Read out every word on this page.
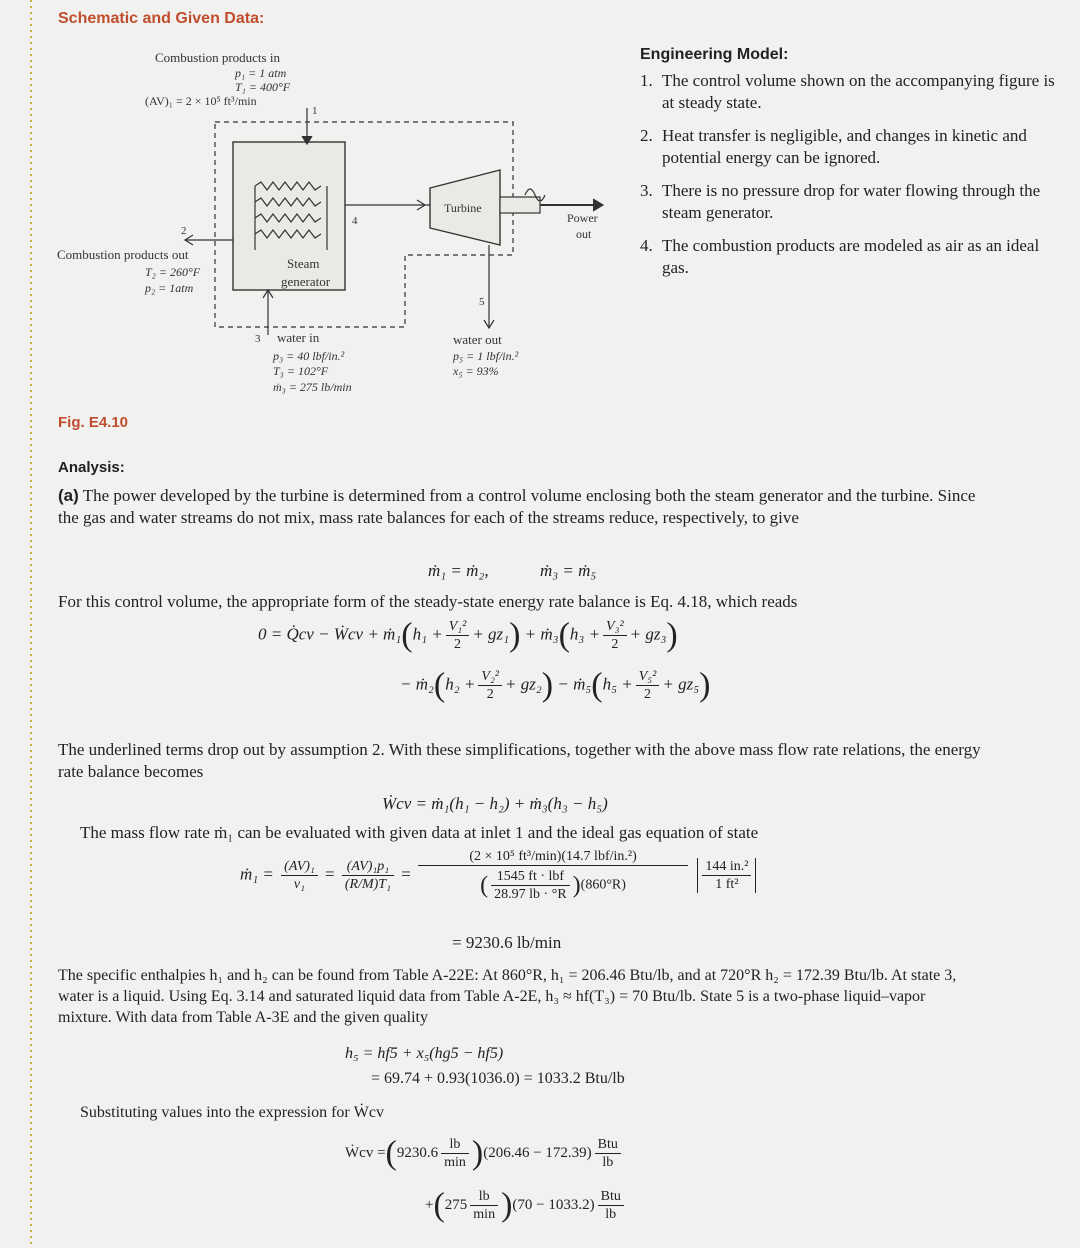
Schematic and Given Data:
Combustion products in
p₁ = 1 atm
T₁ = 400°F
(AV)₁ = 2 × 10⁵ ft³/min
1
2
Combustion products out
T₂ = 260°F
p₂ = 1atm
Steam
generator
4
Turbine
Power
out
3 water in
p₃ = 40 lbf/in.²
T₃ = 102°F
ṁ₃ = 275 lb/min
5
water out
p₅ = 1 lbf/in.²
x₅ = 93%
Engineering Model:
1. The control volume shown on the accompanying figure is at steady state.
2. Heat transfer is negligible, and changes in kinetic and potential energy can be ignored.
3. There is no pressure drop for water flowing through the steam generator.
4. The combustion products are modeled as air as an ideal gas.
Fig. E4.10
Analysis:
(a) The power developed by the turbine is determined from a control volume enclosing both the steam generator and the turbine. Since the gas and water streams do not mix, mass rate balances for each of the streams reduce, respectively, to give
ṁ₁ = ṁ₂,	ṁ₃ = ṁ₅
For this control volume, the appropriate form of the steady-state energy rate balance is Eq. 4.18, which reads
0 = Q̇cv − Ẇcv + ṁ₁(h₁ + $\frac{\text{V₁²}}{2} + gz_1$) + ṁ₃(h₃ + $\frac{\text{V₃²}}{2} + gz_3$)
− ṁ₂(h₂ + $\frac{\text{V₂²}}{2} + gz_2$) − ṁ₅(h₅ + $\frac{\text{V₅²}}{2} + gz_5$)
The underlined terms drop out by assumption 2. With these simplifications, together with the above mass flow rate relations, the energy rate balance becomes
Ẇcv = ṁ₁(h₁ − h₂) + ṁ₃(h₃ − h₅)
The mass flow rate ṁ₁ can be evaluated with given data at inlet 1 and the ideal gas equation of state
ṁ₁ = $\frac{\text{(AV)₁}}{\text{v₁}} = \frac{\text{(AV)₁p₁}}{\text{(R/M)T₁}} = \frac{\text{(2 × 10⁵ ft³/min)(14.7 lbf/in.²)}}{( \frac{\text{1545 ft · lbf}}{28.97 lb \cdot ^\circ R} )(860^\circ R)}$
$\frac{\text{144 in.²}}{\text{1 ft²}}$
= 9230.6 lb/min
The specific enthalpies h₁ and h₂ can be found from Table A-22E: At 860°R, h₁ = 206.46 Btu/lb, and at 720°R h₂ = 172.39 Btu/lb. At state 3, water is a liquid. Using Eq. 3.14 and saturated liquid data from Table A-2E, h₃ ≈ hf(T₃) = 70 Btu/lb. State 5 is a two-phase liquid–vapor mixture. With data from Table A-3E and the given quality
h₅ = hf5 + x₅(hg5 − hf5)
= 69.74 + 0.93(1036.0) = 1033.2 Btu/lb
Substituting values into the expression for Ẇcv
Ẇcv $=(9230.6 \frac{lb}{\min} )(206.46 - 172.39) \frac{\text{Btu}}{lb}$
$+(275 \frac{lb}{\min} )(70 - 1033.2) \frac{\text{Btu}}{lb}$
